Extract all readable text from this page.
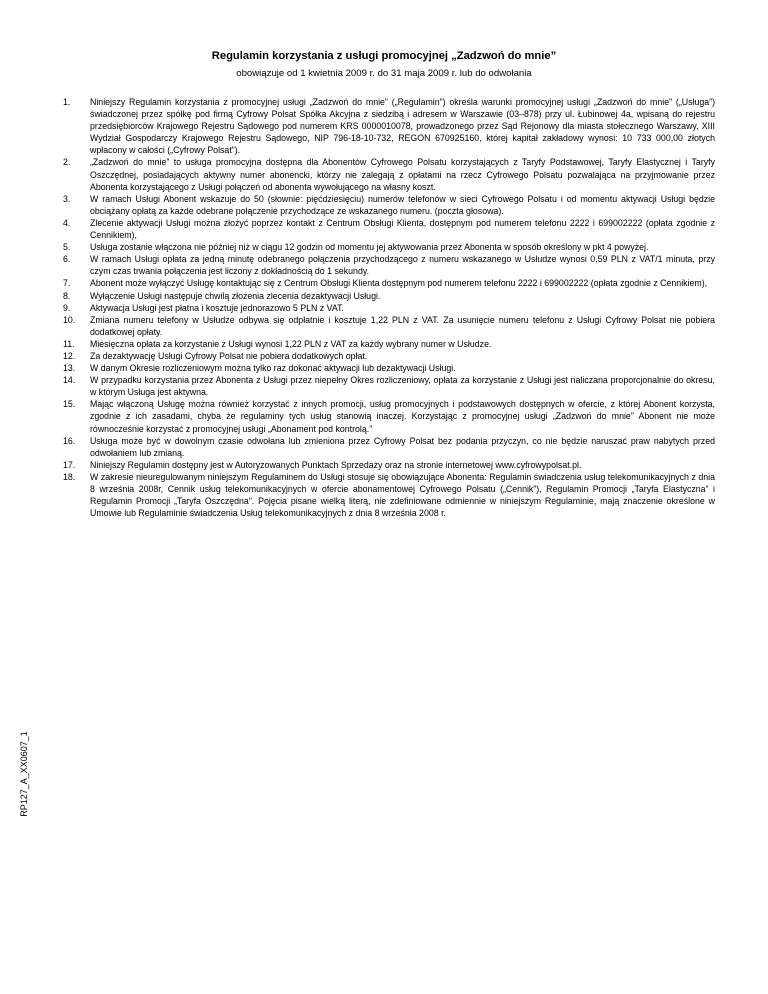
Regulamin korzystania z usługi promocyjnej „Zadzwoń do mnie”
obowiązuje od 1 kwietnia 2009 r. do 31 maja 2009 r. lub do odwołania
1. Niniejszy Regulamin korzystania z promocyjnej usługi „Zadzwoń do mnie” („Regulamin”) określa warunki promocyjnej usługi „Zadzwoń do mnie” („Usługa”) świadczonej przez spółkę pod firmą Cyfrowy Polsat Spółka Akcyjna z siedzibą i adresem w Warszawie (03–878) przy ul. Łubinowej 4a, wpisaną do rejestru przedsiębiorców Krajowego Rejestru Sądowego pod numerem KRS 0000010078, prowadzonego przez Sąd Rejonowy dla miasta stołecznego Warszawy, XIII Wydział Gospodarczy Krajowego Rejestru Sądowego, NIP 796-18-10-732, REGON 670925160, której kapitał zakładowy wynosi: 10 733 000,00 złotych wpłacony w całości („Cyfrowy Polsat”).
2. „Zadzwoń do mnie” to usługa promocyjna dostępna dla Abonentów Cyfrowego Polsatu korzystających z Taryfy Podstawowej, Taryfy Elastycznej i Taryfy Oszczędnej, posiadających aktywny numer abonencki, którzy nie zalegają z opłatami na rzecz Cyfrowego Polsatu pozwalająca na przyjmowanie przez Abonenta korzystającego z Usługi połączeń od abonenta wywołującego na własny koszt.
3. W ramach Usługi Abonent wskazuje do 50 (słownie: pięćdziesięciu) numerów telefonów w sieci Cyfrowego Polsatu i od momentu aktywacji Usługi będzie obciążany opłatą za każde odebrane połączenie przychodzące ze wskazanego numeru. (poczta głosowa).
4. Zlecenie aktywacji Usługi można złożyć poprzez kontakt z Centrum Obsługi Klienta, dostępnym pod numerem telefonu 2222 i 699002222 (opłata zgodnie z Cennikiem),
5. Usługa zostanie włączona nie później niż w ciągu 12 godzin od momentu jej aktywowania przez Abonenta w sposób określony w pkt 4 powyżej.
6. W ramach Usługi opłata za jedną minutę odebranego połączenia przychodzącego z numeru wskazanego w Usłudze wynosi 0,59 PLN z VAT/1 minuta, przy czym czas trwania połączenia jest liczony z dokładnością do 1 sekundy.
7. Abonent może wyłączyć Usługę kontaktując się z Centrum Obsługi Klienta dostępnym pod numerem telefonu 2222 i 699002222 (opłata zgodnie z Cennikiem),
8. Wyłączenie Usługi następuje chwilą złożenia zlecenia dezaktywacji Usługi.
9. Aktywacja Usługi jest płatna i kosztuje jednorazowo 5 PLN z VAT.
10. Zmiana numeru telefony w Usłudze odbywa się odpłatnie i kosztuje 1,22 PLN z VAT. Za usunięcie numeru telefonu z Usługi Cyfrowy Polsat nie pobiera dodatkowej opłaty.
11. Miesięczna opłata za korzystanie z Usługi wynosi 1,22 PLN z VAT za każdy wybrany numer w Usłudze.
12. Za dezaktywację Usługi Cyfrowy Polsat nie pobiera dodatkowych opłat.
13. W danym Okresie rozliczeniowym można tylko raz dokonać aktywacji lub dezaktywacji Usługi.
14. W przypadku korzystania przez Abonenta z Usługi przez niepełny Okres rozliczeniowy, opłata za korzystanie z Usługi jest naliczana proporcjonalnie do okresu, w którym Usługa jest aktywna.
15. Mając włączoną Usługę można również korzystać z innych promocji, usług promocyjnych i podstawowych dostępnych w ofercie, z której Abonent korzysta, zgodnie z ich zasadami, chyba że regulaminy tych usług stanowią inaczej. Korzystając z promocyjnej usługi „Zadzwoń do mnie” Abonent nie może równocześnie korzystać z promocyjnej usługi „Abonament pod kontrolą.”
16. Usługa może być w dowolnym czasie odwołana lub zmieniona przez Cyfrowy Polsat bez podania przyczyn, co nie będzie naruszać praw nabytych przed odwołaniem lub zmianą.
17. Niniejszy Regulamin dostępny jest w Autoryzowanych Punktach Sprzedaży oraz na stronie internetowej www.cyfrowypolsat.pl.
18. W zakresie nieuregulowanym niniejszym Regulaminem do Usługi stosuje się obowiązujące Abonenta: Regulamin świadczenia usług telekomunikacyjnych z dnia 8 września 2008r, Cennik usług telekomunikacyjnych w ofercie abonamentowej Cyfrowego Polsatu („Cennik”), Regulamin Promocji „Taryfa Elastyczna” i Regulamin Promocji „Taryfa Oszczędna”. Pojęcia pisane wielką literą, nie zdefiniowane odmiennie w niniejszym Regulaminie, mają znaczenie określone w Umowie lub Regulaminie świadczenia Usług telekomunikacyjnych z dnia 8 września 2008 r.
RP127_A_XX0607_1
